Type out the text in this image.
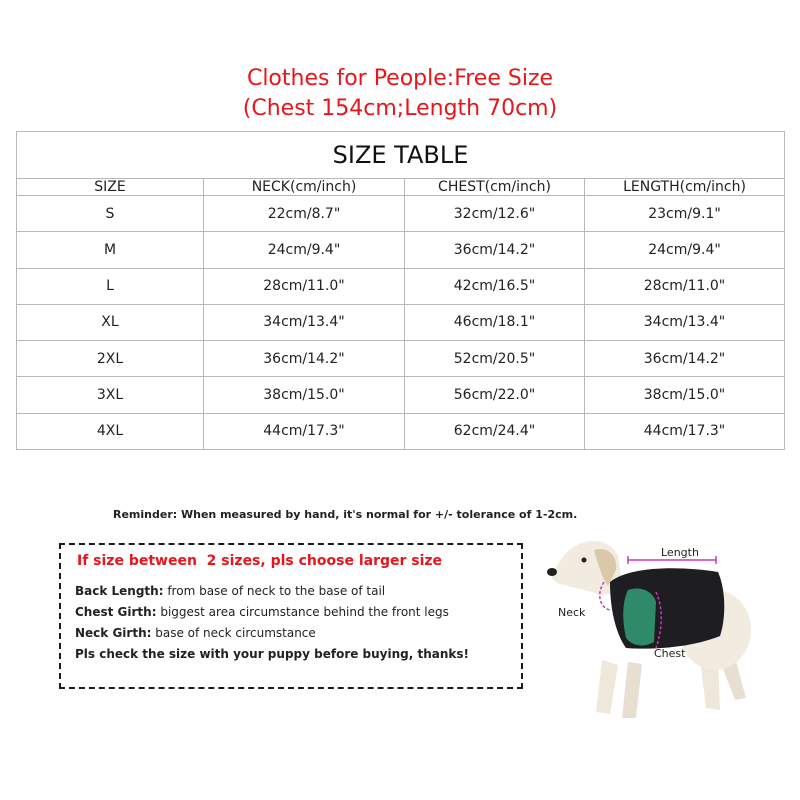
Clothes for People:Free Size
(Chest 154cm;Length 70cm)
SIZE TABLE			
SIZE	NECK(cm/inch)	CHEST(cm/inch)	LENGTH(cm/inch)
S	22cm/8.7"	32cm/12.6"	23cm/9.1"
M	24cm/9.4"	36cm/14.2"	24cm/9.4"
L	28cm/11.0"	42cm/16.5"	28cm/11.0"
XL	34cm/13.4"	46cm/18.1"	34cm/13.4"
2XL	36cm/14.2"	52cm/20.5"	36cm/14.2"
3XL	38cm/15.0"	56cm/22.0"	38cm/15.0"
4XL	44cm/17.3"	62cm/24.4"	44cm/17.3"
Reminder: When measured by hand, it's normal for +/- tolerance of 1-2cm.
If size between  2 sizes, pls choose larger size
Back Length: from base of neck to the base of tail
Chest Girth: biggest area circumstance behind the front legs
Neck Girth: base of neck circumstance
Pls check the size with your puppy before buying, thanks!
Length
Neck
Chest
